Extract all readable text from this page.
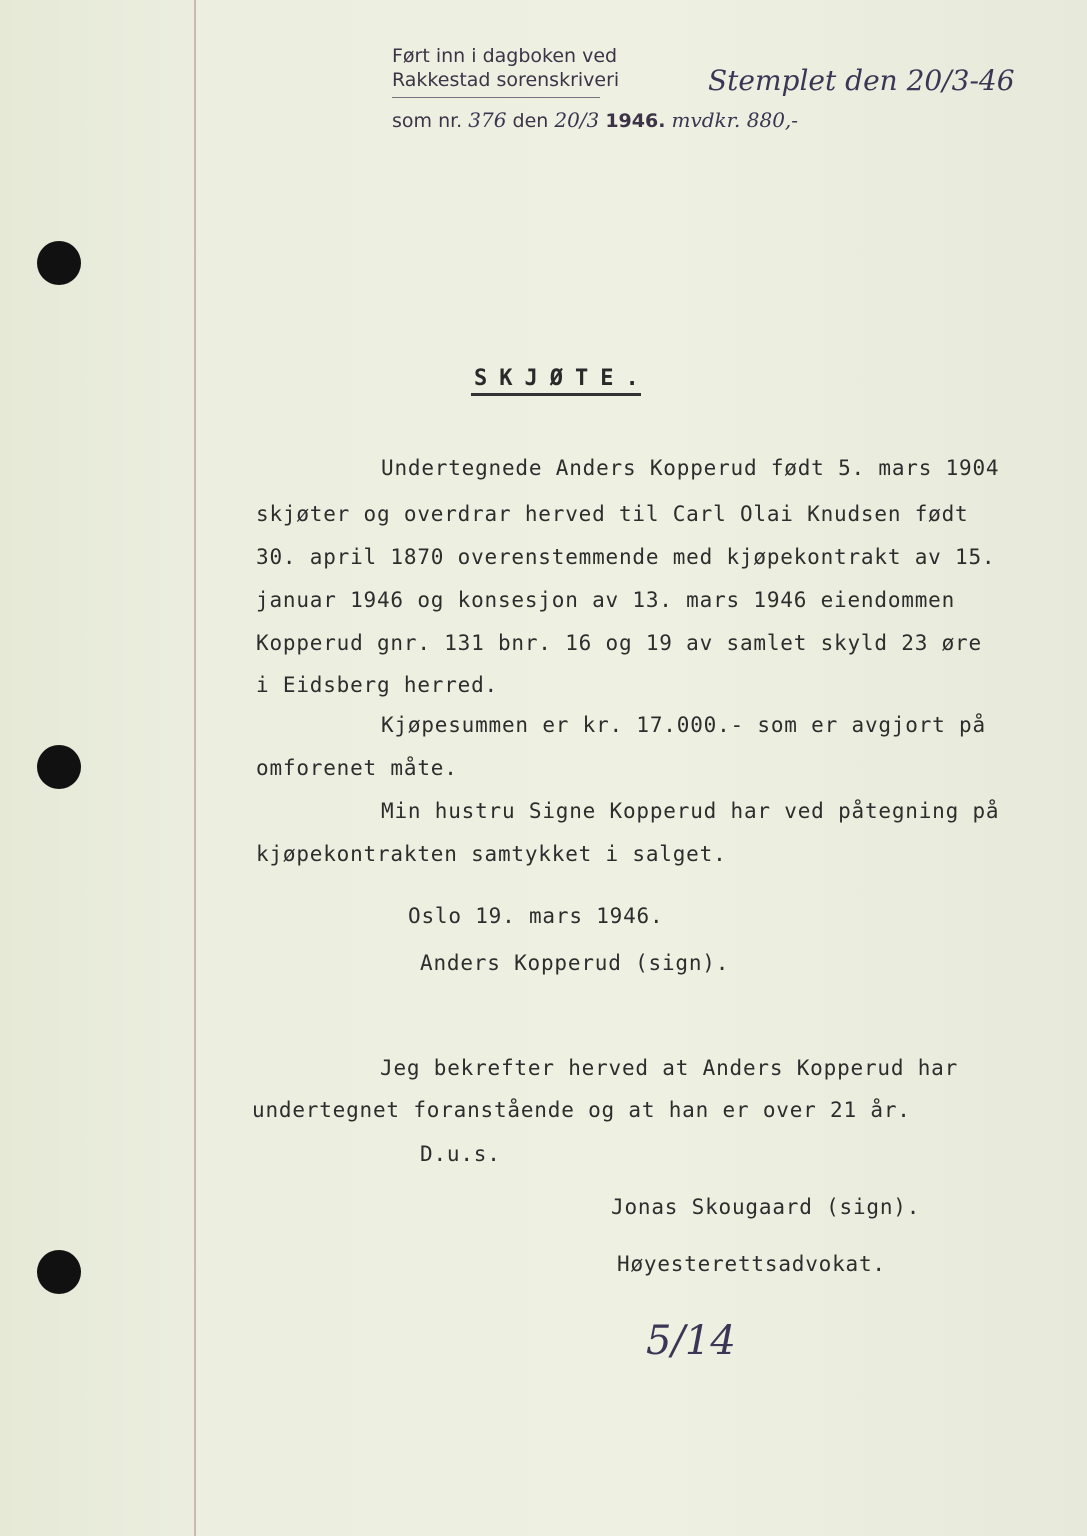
Ført inn i dagboken ved
Rakkestad sorenskriveri
som nr. 376 den 20/3 1946. mvdkr. 880,-
Stemplet den 20/3-46
SKJØTE.
Undertegnede Anders Kopperud født 5. mars 1904
skjøter og overdrar herved til Carl Olai Knudsen født
30. april 1870 overenstemmende med kjøpekontrakt av 15.
januar 1946 og konsesjon av 13. mars 1946 eiendommen
Kopperud gnr. 131 bnr. 16 og 19 av samlet skyld 23 øre
i Eidsberg herred.
Kjøpesummen er kr. 17.000.- som er avgjort på
omforenet måte.
Min hustru Signe Kopperud har ved påtegning på
kjøpekontrakten samtykket i salget.
Oslo 19. mars 1946.
Anders Kopperud (sign).
Jeg bekrefter herved at Anders Kopperud har
undertegnet foranstående og at han er over 21 år.
D.u.s.
Jonas Skougaard (sign).
Høyesterettsadvokat.
5/14
